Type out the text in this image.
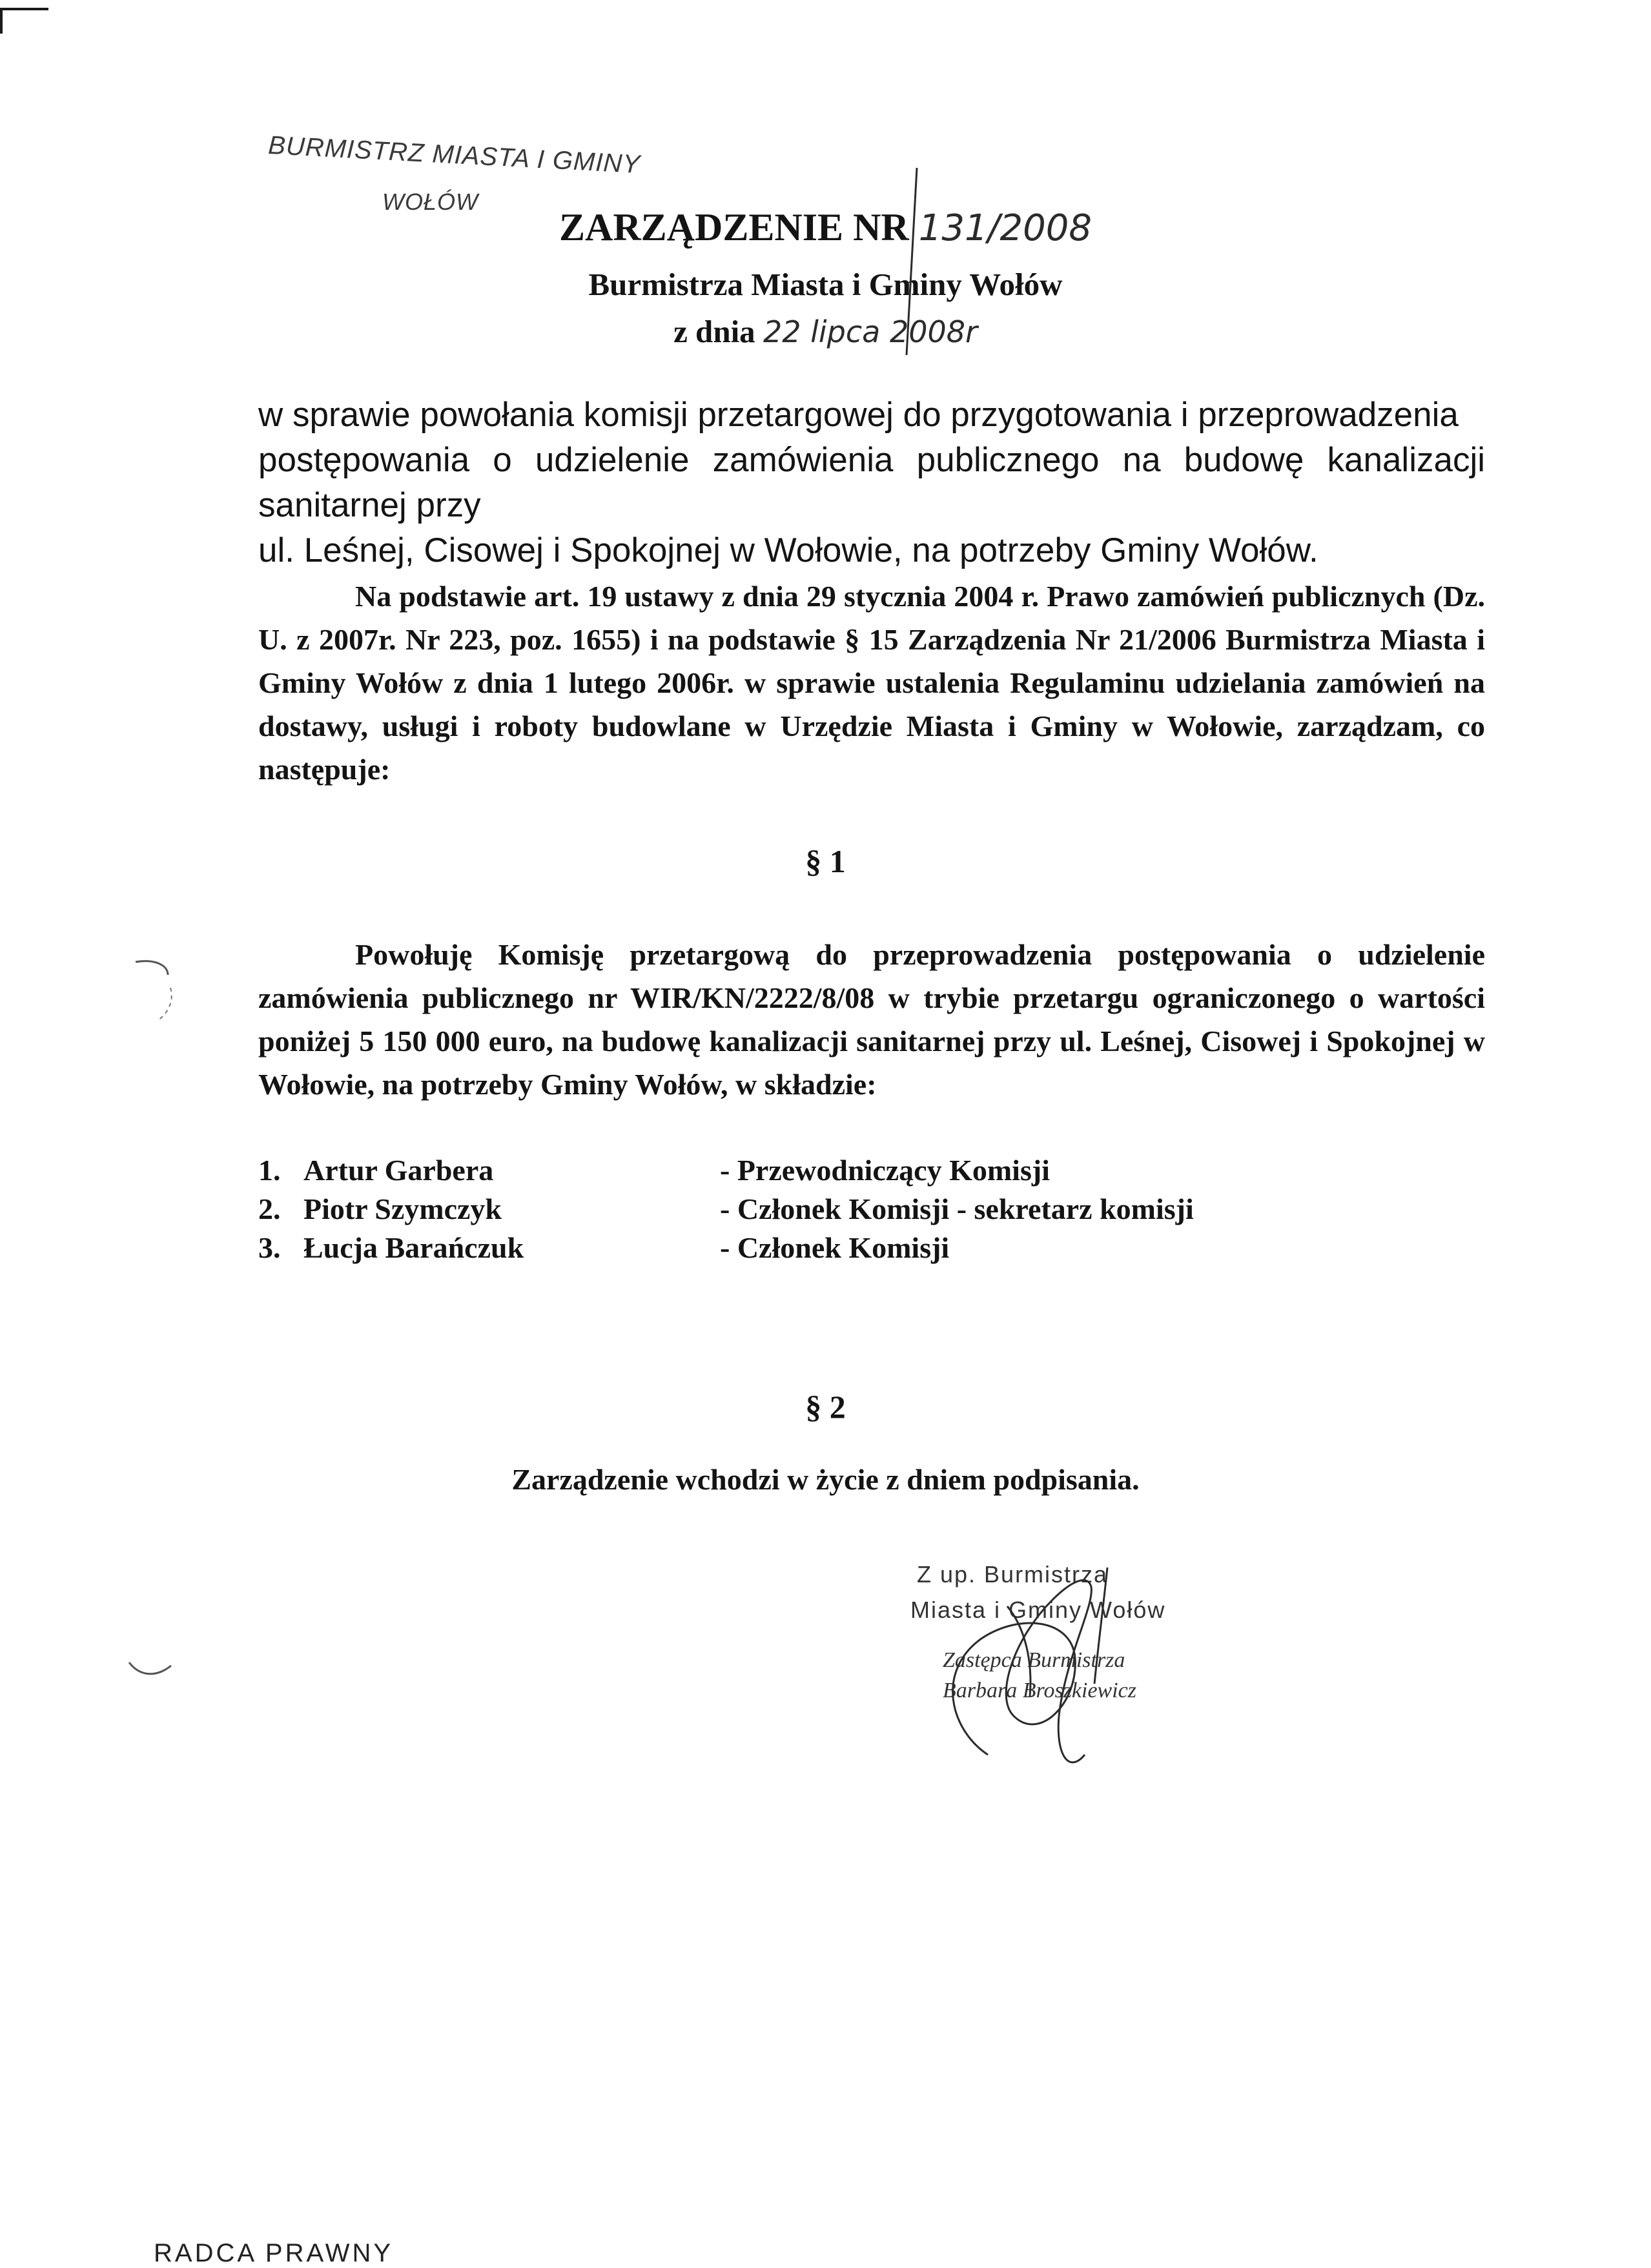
BURMISTRZ MIASTA I GMINY
WOŁÓW
ZARZĄDZENIE NR 131/2008
Burmistrza Miasta i Gminy Wołów
z dnia 22 lipca 2008r

w sprawie powołania komisji przetargowej do przygotowania i przeprowadzenia

postępowania o udzielenie zamówienia publicznego na budowę kanalizacji sanitarnej przy

ul. Leśnej, Cisowej i Spokojnej w Wołowie, na potrzeby Gminy Wołów.

Na podstawie art. 19 ustawy z dnia 29 stycznia 2004 r. Prawo zamówień publicznych (Dz. U. z 2007r. Nr 223, poz. 1655) i na podstawie § 15 Zarządzenia Nr 21/2006 Burmistrza Miasta i Gminy Wołów z dnia 1 lutego 2006r. w sprawie ustalenia Regulaminu udzielania zamówień na dostawy, usługi i roboty budowlane w Urzędzie Miasta i Gminy w Wołowie, zarządzam, co następuje:
§ 1
Powołuję Komisję przetargową do przeprowadzenia postępowania o udzielenie zamówienia publicznego nr WIR/KN/2222/8/08 w trybie przetargu ograniczonego o wartości poniżej 5 150 000 euro, na budowę kanalizacji sanitarnej przy ul. Leśnej, Cisowej i Spokojnej w Wołowie, na potrzeby Gminy Wołów, w składzie:
1. Artur Garbera	- Przewodniczący Komisji
2. Piotr Szymczyk	- Członek Komisji - sekretarz komisji
3. Łucja Barańczuk	- Członek Komisji
§ 2
Zarządzenie wchodzi w życie z dniem podpisania.
Z up. Burmistrza
Miasta i Gminy Wołów
Zastępca Burmistrza
Barbara Broszkiewicz
RADCA PRAWNY
